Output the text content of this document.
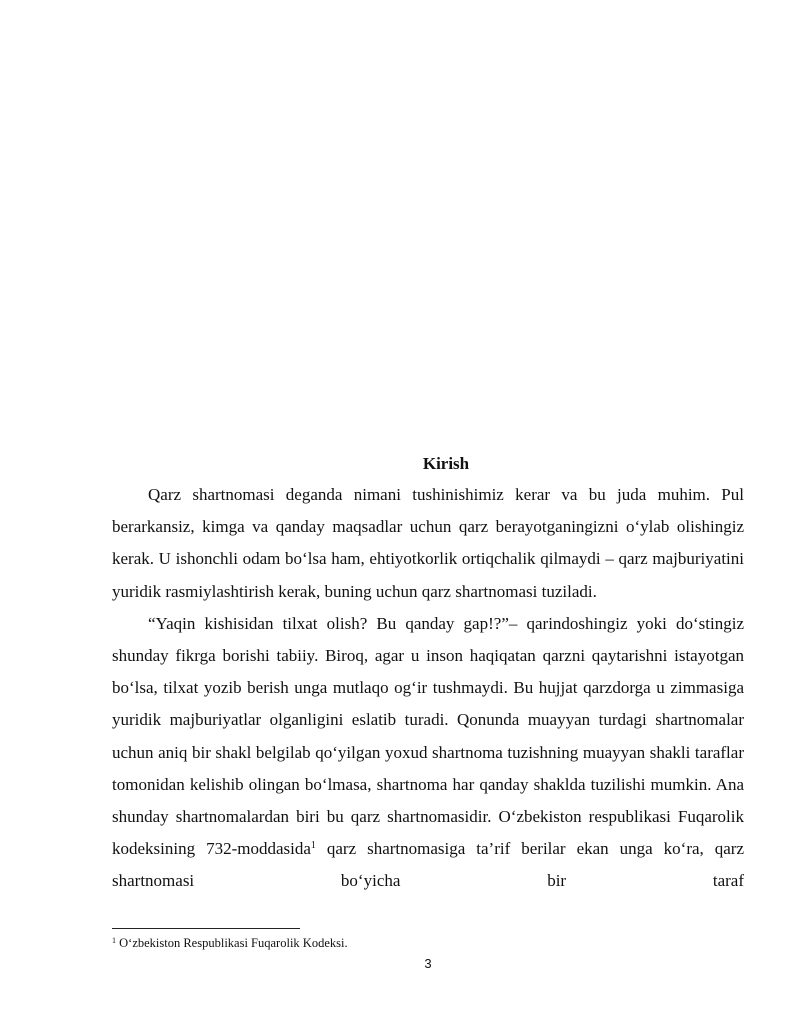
Kirish

Qarz shartnomasi deganda nimani tushinishimiz kerar va bu juda muhim. Pul berarkansiz, kimga va qanday maqsadlar uchun qarz berayotganingizni o‘ylab olishingiz kerak. U ishonchli odam bo‘lsa ham, ehtiyotkorlik ortiqchalik qilmaydi – qarz majburiyatini yuridik rasmiylashtirish kerak, buning uchun qarz shartnomasi tuziladi.

“Yaqin kishisidan tilxat olish? Bu qanday gap!?”– qarindoshingiz yoki do‘stingiz shunday fikrga borishi tabiiy. Biroq, agar u inson haqiqatan qarzni qaytarishni istayotgan bo‘lsa, tilxat yozib berish unga mutlaqo og‘ir tushmaydi. Bu hujjat qarzdorga u zimmasiga yuridik majburiyatlar olganligini eslatib turadi. Qonunda muayyan turdagi shartnomalar uchun aniq bir shakl belgilab qo‘yilgan yoxud shartnoma tuzishning muayyan shakli taraflar tomonidan kelishib olingan bo‘lmasa, shartnoma har qanday shaklda tuzilishi mumkin. Ana shunday shartnomalardan biri bu qarz shartnomasidir. O‘zbekiston respublikasi Fuqarolik kodeksining 732-moddasida$^1$ qarz shartnomasiga ta’rif berilar ekan unga ko‘ra, qarz shartnomasi bo‘yicha bir taraf

$^1$ O‘zbekiston Respublikasi Fuqarolik Kodeksi.

3
